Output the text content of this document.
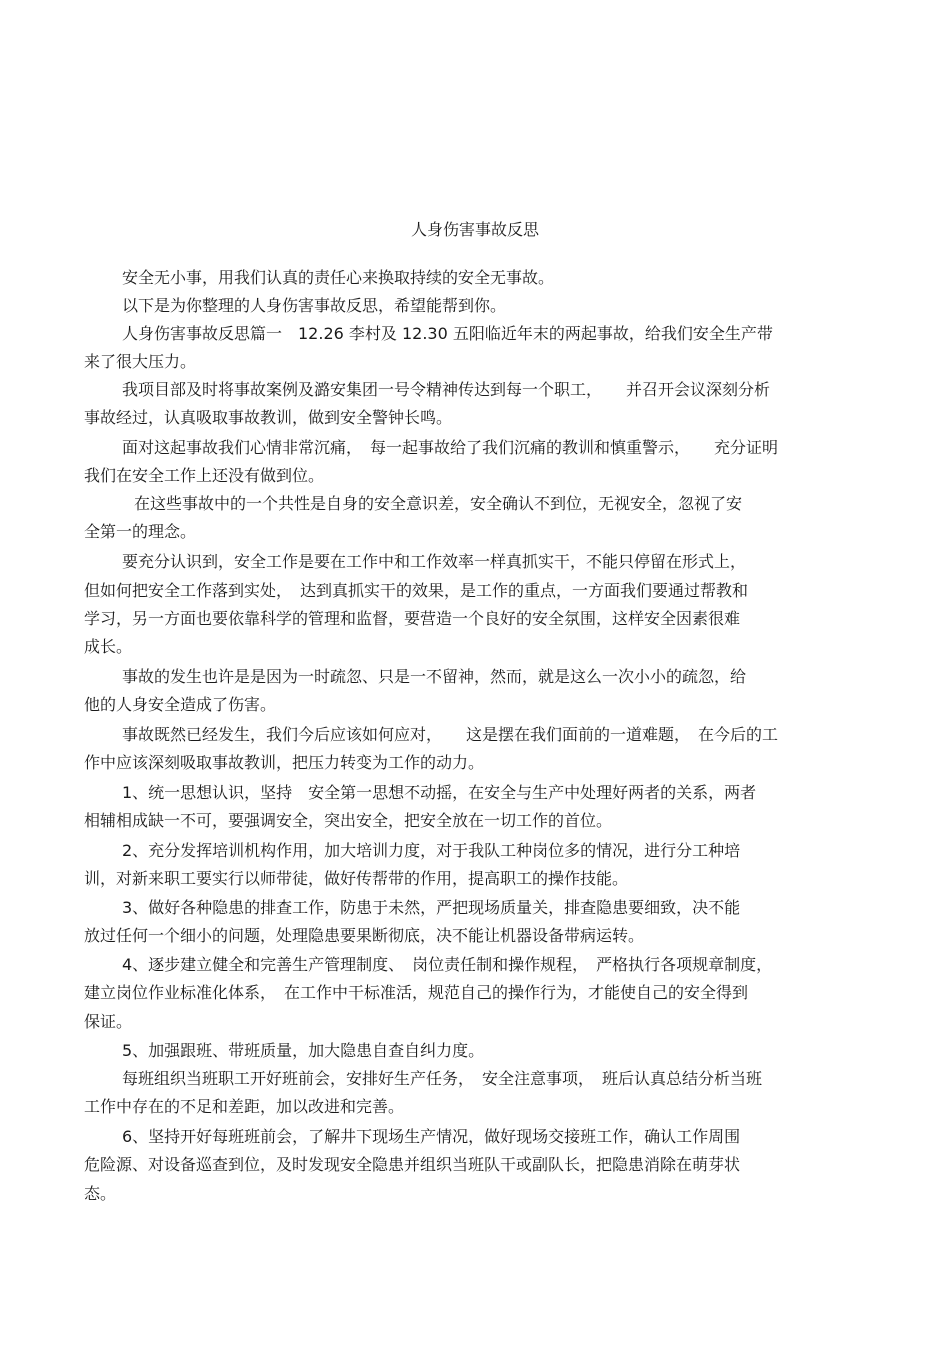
人身伤害事故反思
安全无小事，用我们认真的责任心来换取持续的安全无事故。
以下是为你整理的人身伤害事故反思，希望能帮到你。
人身伤害事故反思篇一　12.26 李村及 12.30 五阳临近年末的两起事故，给我们安全生产带
来了很大压力。
我项目部及时将事故案例及潞安集团一号令精神传达到每一个职工，　　并召开会议深刻分析
事故经过，认真吸取事故教训，做到安全警钟长鸣。
面对这起事故我们心情非常沉痛，　每一起事故给了我们沉痛的教训和慎重警示，　　充分证明
我们在安全工作上还没有做到位。
在这些事故中的一个共性是自身的安全意识差，安全确认不到位，无视安全，忽视了安
全第一的理念。
要充分认识到，安全工作是要在工作中和工作效率一样真抓实干，不能只停留在形式上，
但如何把安全工作落到实处，　达到真抓实干的效果，是工作的重点，一方面我们要通过帮教和
学习，另一方面也要依靠科学的管理和监督，要营造一个良好的安全氛围，这样安全因素很难
成长。
事故的发生也许是是因为一时疏忽、只是一不留神，然而，就是这么一次小小的疏忽，给
他的人身安全造成了伤害。
事故既然已经发生，我们今后应该如何应对，　　这是摆在我们面前的一道难题，　在今后的工
作中应该深刻吸取事故教训，把压力转变为工作的动力。
1、统一思想认识，坚持　安全第一思想不动摇，在安全与生产中处理好两者的关系，两者
相辅相成缺一不可，要强调安全，突出安全，把安全放在一切工作的首位。
2、充分发挥培训机构作用，加大培训力度，对于我队工种岗位多的情况，进行分工种培
训，对新来职工要实行以师带徒，做好传帮带的作用，提高职工的操作技能。
3、做好各种隐患的排查工作，防患于未然，严把现场质量关，排查隐患要细致，决不能
放过任何一个细小的问题，处理隐患要果断彻底，决不能让机器设备带病运转。
4、逐步建立健全和完善生产管理制度、　岗位责任制和操作规程，　严格执行各项规章制度，
建立岗位作业标准化体系，　在工作中干标准活，规范自己的操作行为，才能使自己的安全得到
保证。
5、加强跟班、带班质量，加大隐患自查自纠力度。
每班组织当班职工开好班前会，安排好生产任务，　安全注意事项，　班后认真总结分析当班
工作中存在的不足和差距，加以改进和完善。
6、坚持开好每班班前会，了解井下现场生产情况，做好现场交接班工作，确认工作周围
危险源、对设备巡查到位，及时发现安全隐患并组织当班队干或副队长，把隐患消除在萌芽状
态。
